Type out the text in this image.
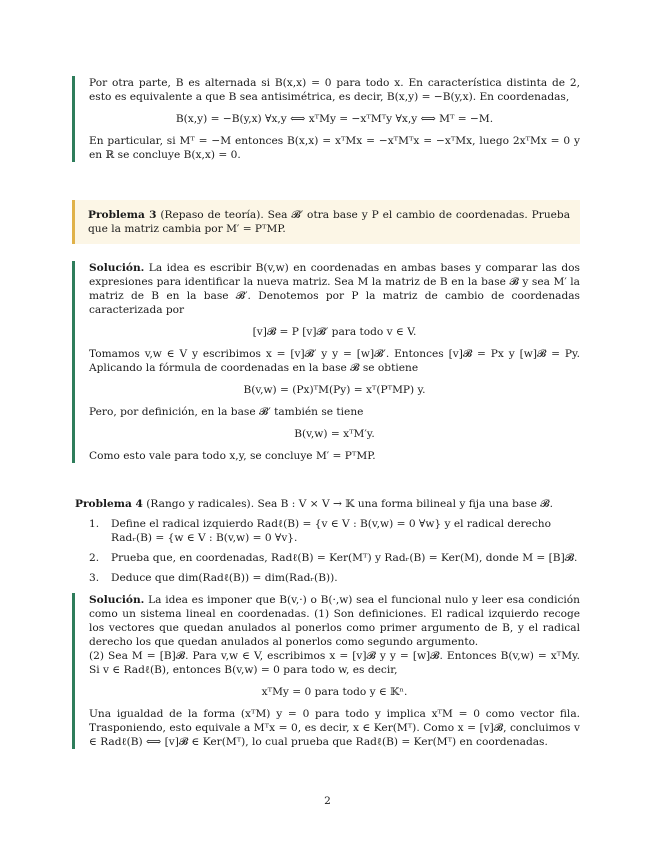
Por otra parte, B es alternada si B(x,x) = 0 para todo x. En característica distinta de 2, esto es equivalente a que B sea antisimétrica, es decir, B(x,y) = −B(y,x). En coordenadas,

B(x,y) = −B(y,x) ∀x,y ⟺ xᵀMy = −xᵀMᵀy ∀x,y ⟺ Mᵀ = −M.

En particular, si Mᵀ = −M entonces B(x,x) = xᵀMx = −xᵀMᵀx = −xᵀMx, luego 2xᵀMx = 0 y en ℝ se concluye B(x,x) = 0.

Problema 3 (Repaso de teoría). Sea 𝓑′ otra base y P el cambio de coordenadas. Prueba que la matriz cambia por M′ = PᵀMP.

Solución. La idea es escribir B(v,w) en coordenadas en ambas bases y comparar las dos expresiones para identificar la nueva matriz. Sea M la matriz de B en la base 𝓑 y sea M′ la matriz de B en la base 𝓑′. Denotemos por P la matriz de cambio de coordenadas caracterizada por

[v]𝓑 = P [v]𝓑′ para todo v ∈ V.

Tomamos v,w ∈ V y escribimos x = [v]𝓑′ y y = [w]𝓑′. Entonces [v]𝓑 = Px y [w]𝓑 = Py. Aplicando la fórmula de coordenadas en la base 𝓑 se obtiene

B(v,w) = (Px)ᵀM(Py) = xᵀ(PᵀMP) y.

Pero, por definición, en la base 𝓑′ también se tiene

B(v,w) = xᵀM′y.

Como esto vale para todo x,y, se concluye M′ = PᵀMP.

Problema 4 (Rango y radicales). Sea B : V × V → 𝕂 una forma bilineal y fija una base 𝓑.

1.	Define el radical izquierdo Radℓ(B) = {v ∈ V : B(v,w) = 0 ∀w} y el radical derecho Radᵣ(B) = {w ∈ V : B(v,w) = 0 ∀v}.
2.	Prueba que, en coordenadas, Radℓ(B) = Ker(Mᵀ) y Radᵣ(B) = Ker(M), donde M = [B]𝓑.
3.	Deduce que dim(Radℓ(B)) = dim(Radᵣ(B)).

Solución. La idea es imponer que B(v,·) o B(·,w) sea el funcional nulo y leer esa condición como un sistema lineal en coordenadas. (1) Son definiciones. El radical izquierdo recoge los vectores que quedan anulados al ponerlos como primer argumento de B, y el radical derecho los que quedan anulados al ponerlos como segundo argumento.

(2) Sea M = [B]𝓑. Para v,w ∈ V, escribimos x = [v]𝓑 y y = [w]𝓑. Entonces B(v,w) = xᵀMy. Si v ∈ Radℓ(B), entonces B(v,w) = 0 para todo w, es decir,

xᵀMy = 0 para todo y ∈ 𝕂ⁿ.

Una igualdad de la forma (xᵀM) y = 0 para todo y implica xᵀM = 0 como vector fila. Trasponiendo, esto equivale a Mᵀx = 0, es decir, x ∈ Ker(Mᵀ). Como x = [v]𝓑, concluimos v ∈ Radℓ(B) ⟺ [v]𝓑 ∈ Ker(Mᵀ), lo cual prueba que Radℓ(B) = Ker(Mᵀ) en coordenadas.

2
